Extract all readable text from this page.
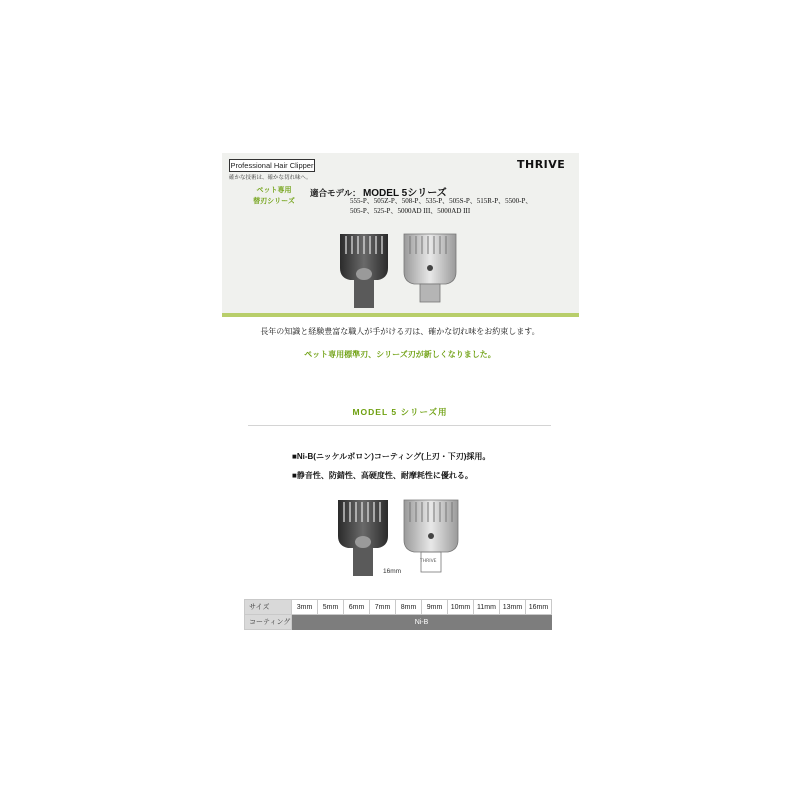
Professional Hair Clipper
確かな技術は、確かな切れ味へ。
THRIVE
ペット専用
替刃シリーズ
適合モデル： MODEL 5シリーズ
555-P、505Z-P、508-P、535-P、505S-P、515R-P、5500-P、
505-P、525-P、5000AD III、5000AD III
長年の知識と経験豊富な職人が手がける刃は、確かな切れ味をお約束します。
ペット専用標準刃、シリーズ刃が新しくなりました。
MODEL 5 シリーズ用
■Ni-B(ニッケルボロン)コーティング(上刃・下刃)採用。
■静音性、防錆性、高硬度性、耐摩耗性に優れる。
THRIVE
16mm
サイズ	3mm	5mm	6mm	7mm	8mm	9mm	10mm	11mm	13mm	16mm
コーティング	Ni-B									
